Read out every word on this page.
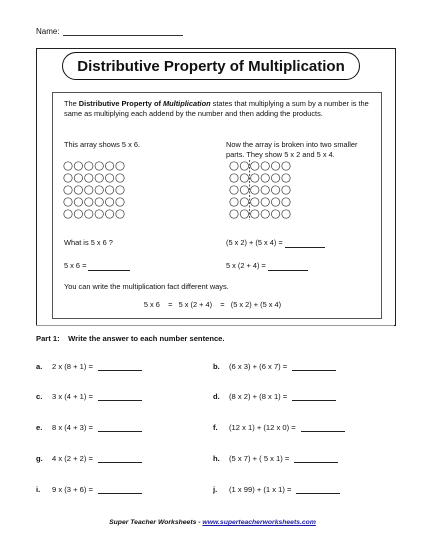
Name:
Distributive Property of Multiplication
The Distributive Property of Multiplication states that multiplying a sum by a number is the same as multiplying each addend by the number and then adding the products.
This array shows 5 x 6.	Now the array is broken into two smaller parts. They show 5 x 2 and 5 x 4.
What is 5 x 6 ?
5 x 6 =
(5 x 2) + (5 x 4) =
5 x (2 + 4) =
You can write the multiplication fact different ways.
5 x 6    =   5 x (2 + 4)    =   (5 x 2) + (5 x 4)
Part 1: Write the answer to each number sentence.
a. 2 x (8 + 1) =	b. (6 x 3) + (6 x 7) =
c. 3 x (4 + 1) =	d. (8 x 2) + (8 x 1) =
e. 8 x (4 + 3) =	f. (12 x 1) + (12 x 0) =
g. 4 x (2 + 2) =	h. (5 x 7) + ( 5 x 1) =
i. 9 x (3 + 6) =	j. (1 x 99) + (1 x 1) =
Super Teacher Worksheets - www.superteacherworksheets.com
